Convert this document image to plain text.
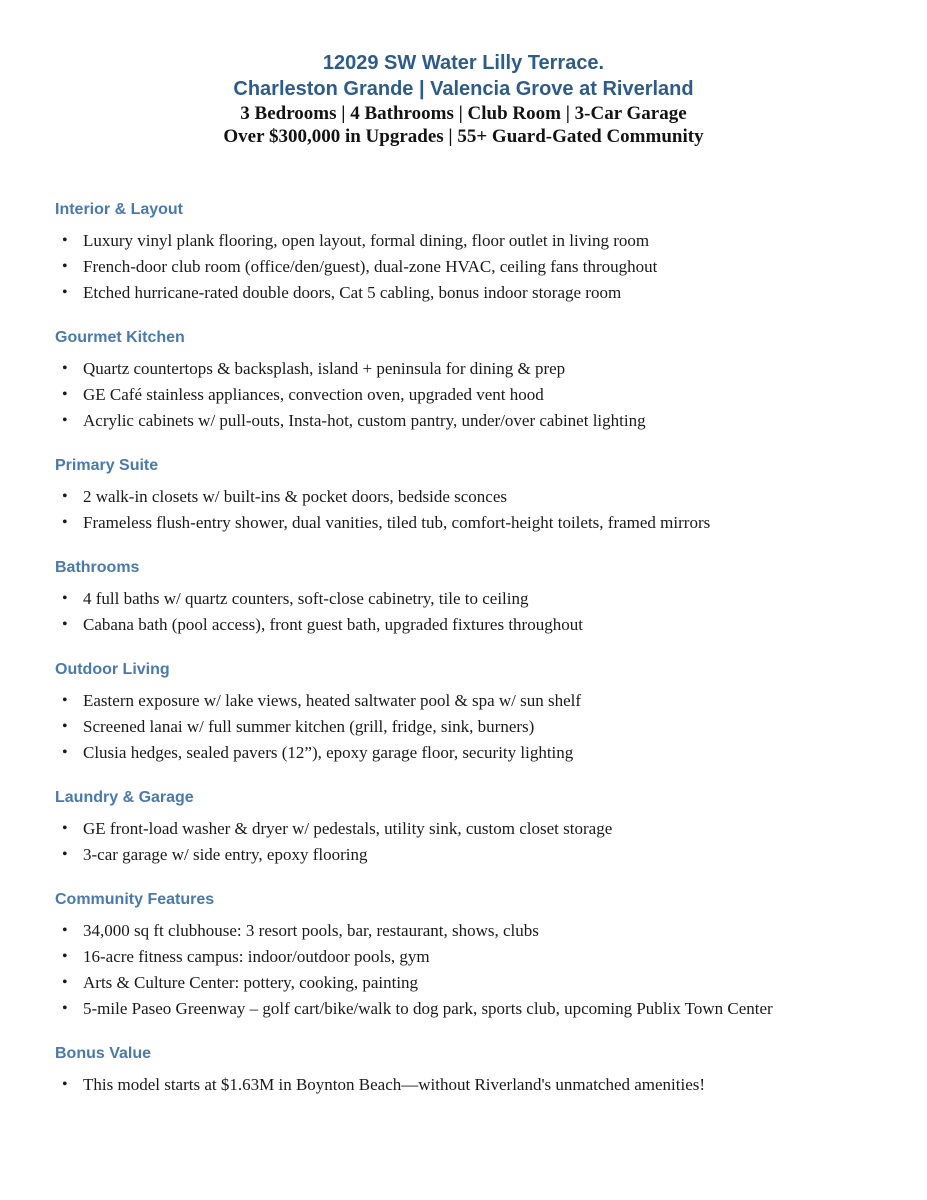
12029 SW Water Lilly Terrace.
Charleston Grande | Valencia Grove at Riverland

3 Bedrooms | 4 Bathrooms | Club Room | 3-Car Garage

Over $300,000 in Upgrades | 55+ Guard-Gated Community

Interior & Layout
• Luxury vinyl plank flooring, open layout, formal dining, floor outlet in living room
• French-door club room (office/den/guest), dual-zone HVAC, ceiling fans throughout
• Etched hurricane-rated double doors, Cat 5 cabling, bonus indoor storage room
Gourmet Kitchen
• Quartz countertops & backsplash, island + peninsula for dining & prep
• GE Café stainless appliances, convection oven, upgraded vent hood
• Acrylic cabinets w/ pull-outs, Insta-hot, custom pantry, under/over cabinet lighting
Primary Suite
• 2 walk-in closets w/ built-ins & pocket doors, bedside sconces
• Frameless flush-entry shower, dual vanities, tiled tub, comfort-height toilets, framed mirrors
Bathrooms
• 4 full baths w/ quartz counters, soft-close cabinetry, tile to ceiling
• Cabana bath (pool access), front guest bath, upgraded fixtures throughout
Outdoor Living
• Eastern exposure w/ lake views, heated saltwater pool & spa w/ sun shelf
• Screened lanai w/ full summer kitchen (grill, fridge, sink, burners)
• Clusia hedges, sealed pavers (12”), epoxy garage floor, security lighting
Laundry & Garage
• GE front-load washer & dryer w/ pedestals, utility sink, custom closet storage
• 3-car garage w/ side entry, epoxy flooring
Community Features
• 34,000 sq ft clubhouse: 3 resort pools, bar, restaurant, shows, clubs
• 16-acre fitness campus: indoor/outdoor pools, gym
• Arts & Culture Center: pottery, cooking, painting
• 5-mile Paseo Greenway – golf cart/bike/walk to dog park, sports club, upcoming Publix Town Center
Bonus Value
• This model starts at $1.63M in Boynton Beach—without Riverland's unmatched amenities!
